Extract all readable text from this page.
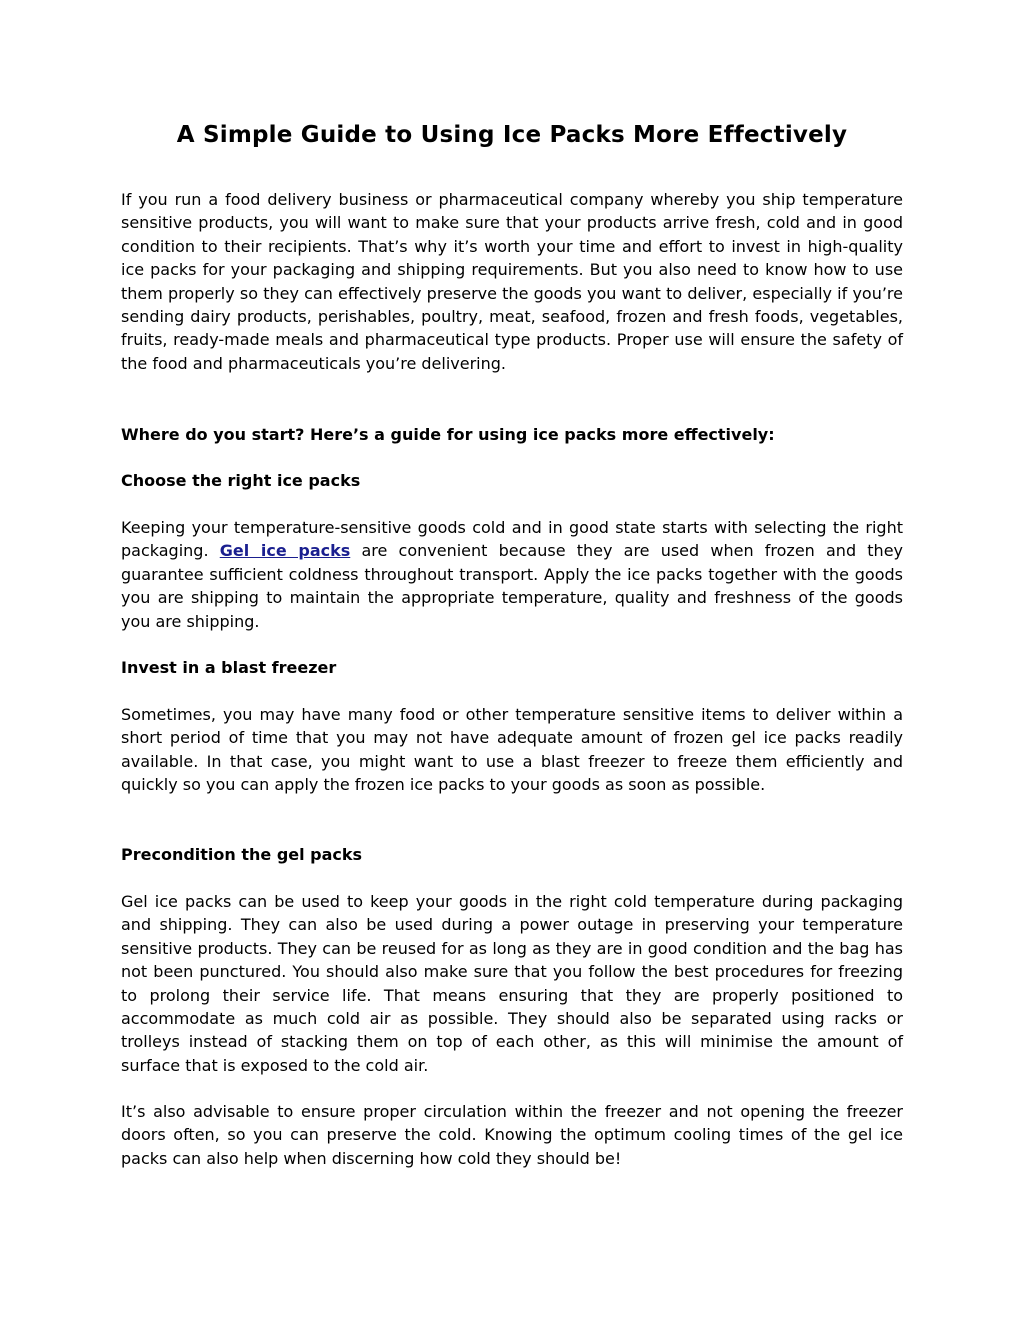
A Simple Guide to Using Ice Packs More Effectively

If you run a food delivery business or pharmaceutical company whereby you ship temperature sensitive products, you will want to make sure that your products arrive fresh, cold and in good condition to their recipients. That’s why it’s worth your time and effort to invest in high-quality ice packs for your packaging and shipping requirements. But you also need to know how to use them properly so they can effectively preserve the goods you want to deliver, especially if you’re sending dairy products, perishables, poultry, meat, seafood, frozen and fresh foods, vegetables, fruits, ready-made meals and pharmaceutical type products. Proper use will ensure the safety of the food and pharmaceuticals you’re delivering.

Where do you start? Here’s a guide for using ice packs more effectively:

Choose the right ice packs

Keeping your temperature-sensitive goods cold and in good state starts with selecting the right packaging. Gel ice packs are convenient because they are used when frozen and they guarantee sufficient coldness throughout transport. Apply the ice packs together with the goods you are shipping to maintain the appropriate temperature, quality and freshness of the goods you are shipping.

Invest in a blast freezer

Sometimes, you may have many food or other temperature sensitive items to deliver within a short period of time that you may not have adequate amount of frozen gel ice packs readily available. In that case, you might want to use a blast freezer to freeze them efficiently and quickly so you can apply the frozen ice packs to your goods as soon as possible.

Precondition the gel packs

Gel ice packs can be used to keep your goods in the right cold temperature during packaging and shipping. They can also be used during a power outage in preserving your temperature sensitive products. They can be reused for as long as they are in good condition and the bag has not been punctured. You should also make sure that you follow the best procedures for freezing to prolong their service life. That means ensuring that they are properly positioned to accommodate as much cold air as possible. They should also be separated using racks or trolleys instead of stacking them on top of each other, as this will minimise the amount of surface that is exposed to the cold air.

It’s also advisable to ensure proper circulation within the freezer and not opening the freezer doors often, so you can preserve the cold. Knowing the optimum cooling times of the gel ice packs can also help when discerning how cold they should be!
